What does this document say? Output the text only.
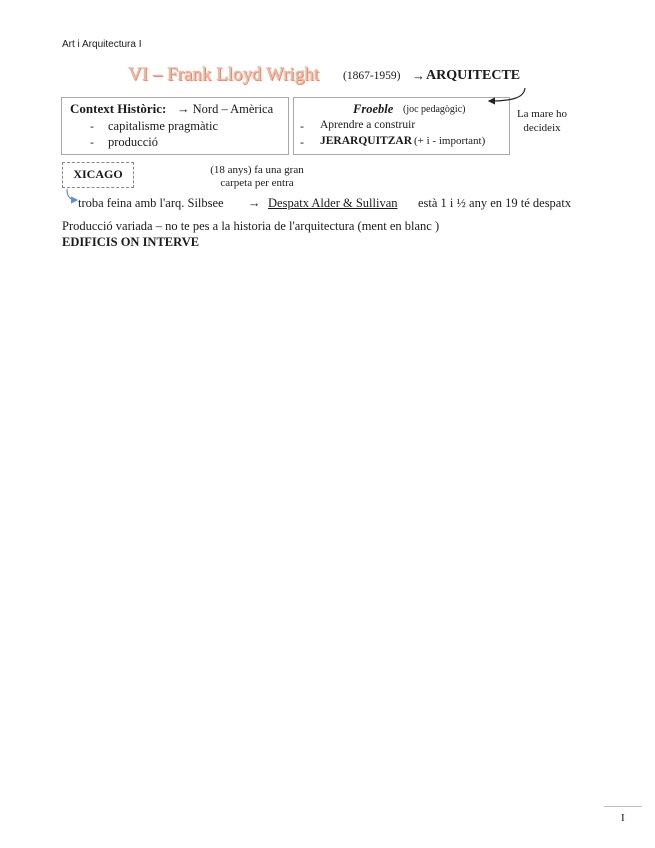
Art i Arquitectura I
VI – Frank Lloyd Wright (1867-1959) → ARQUITECTE
Context Històric: → Nord – Amèrica
- capitalisme pragmàtic
- producció
Froeble (joc pedagògic)
- Aprendre a construir
- JERARQUITZAR (+ i - important)
La mare ho decideix
XICAGO	(18 anys) fa una gran carpeta per entra
troba feina amb l'arq. Silbsee → Despatx Alder & Sullivan està 1 i ½ any en 19 té despatx
Producció variada – no te pes a la historia de l'arquitectura (ment en blanc )
EDIFICIS ON INTERVE
I
